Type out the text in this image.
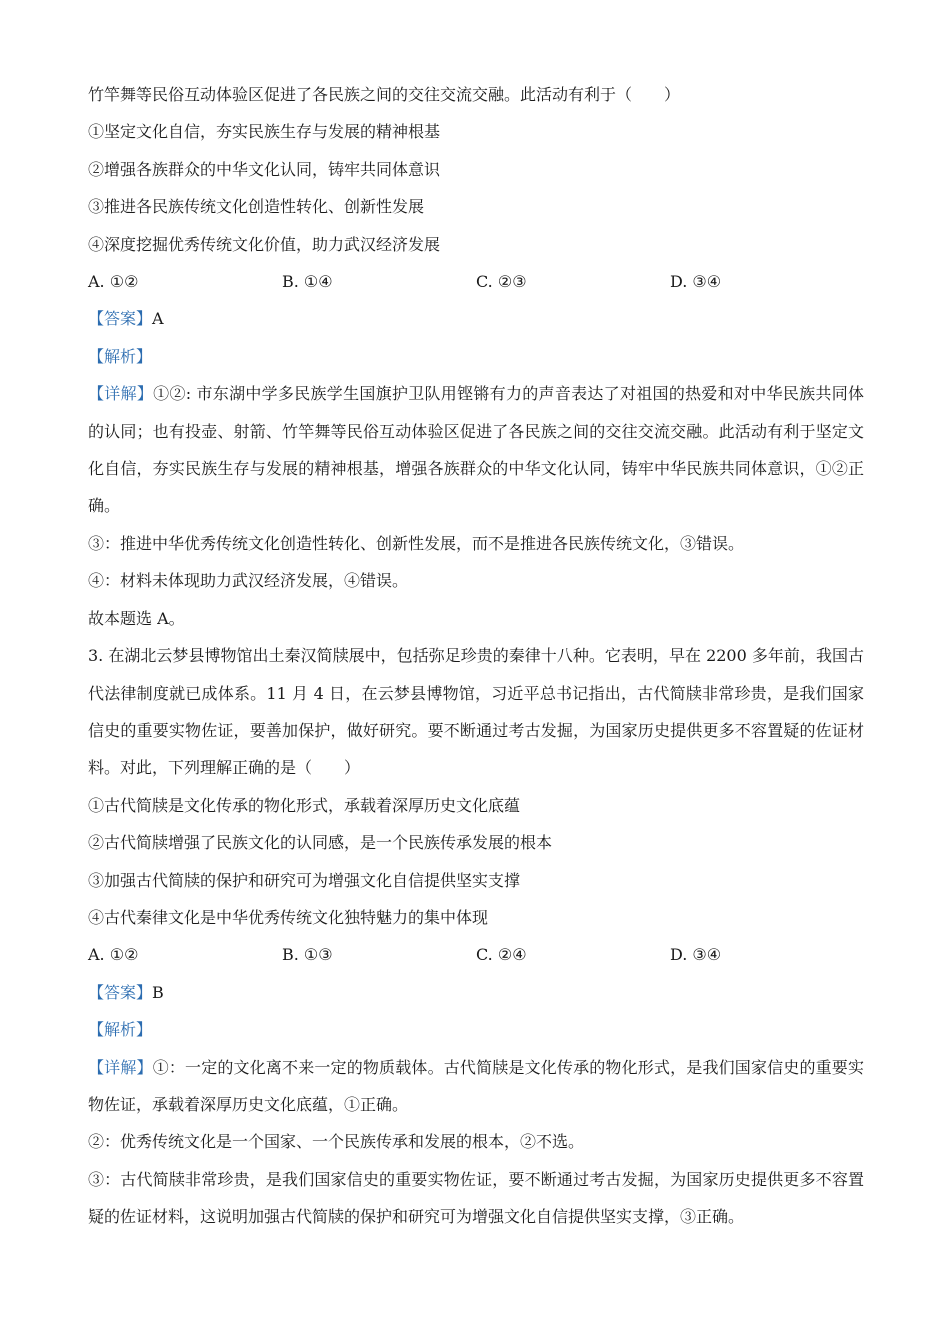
竹竿舞等民俗互动体验区促进了各民族之间的交往交流交融。此活动有利于（　　）
①坚定文化自信，夯实民族生存与发展的精神根基
②增强各族群众的中华文化认同，铸牢共同体意识
③推进各民族传统文化创造性转化、创新性发展
④深度挖掘优秀传统文化价值，助力武汉经济发展
A. ①②	B. ①④	C. ②③	D. ③④
【答案】A
【解析】
【详解】①②: 市东湖中学多民族学生国旗护卫队用铿锵有力的声音表达了对祖国的热爱和对中华民族共同体的认同；也有投壶、射箭、竹竿舞等民俗互动体验区促进了各民族之间的交往交流交融。此活动有利于坚定文化自信，夯实民族生存与发展的精神根基，增强各族群众的中华文化认同，铸牢中华民族共同体意识，①②正确。
③：推进中华优秀传统文化创造性转化、创新性发展，而不是推进各民族传统文化，③错误。
④：材料未体现助力武汉经济发展，④错误。
故本题选 A。
3. 在湖北云梦县博物馆出土秦汉简牍展中，包括弥足珍贵的秦律十八种。它表明，早在 2200 多年前，我国古代法律制度就已成体系。11 月 4 日，在云梦县博物馆，习近平总书记指出，古代简牍非常珍贵，是我们国家信史的重要实物佐证，要善加保护，做好研究。要不断通过考古发掘，为国家历史提供更多不容置疑的佐证材料。对此，下列理解正确的是（　　）
①古代简牍是文化传承的物化形式，承载着深厚历史文化底蕴
②古代简牍增强了民族文化的认同感，是一个民族传承发展的根本
③加强古代简牍的保护和研究可为增强文化自信提供坚实支撑
④古代秦律文化是中华优秀传统文化独特魅力的集中体现
A. ①②	B. ①③	C. ②④	D. ③④
【答案】B
【解析】
【详解】①：一定的文化离不来一定的物质载体。古代简牍是文化传承的物化形式，是我们国家信史的重要实物佐证，承载着深厚历史文化底蕴，①正确。
②：优秀传统文化是一个国家、一个民族传承和发展的根本，②不选。
③：古代简牍非常珍贵，是我们国家信史的重要实物佐证，要不断通过考古发掘，为国家历史提供更多不容置疑的佐证材料，这说明加强古代简牍的保护和研究可为增强文化自信提供坚实支撑，③正确。
